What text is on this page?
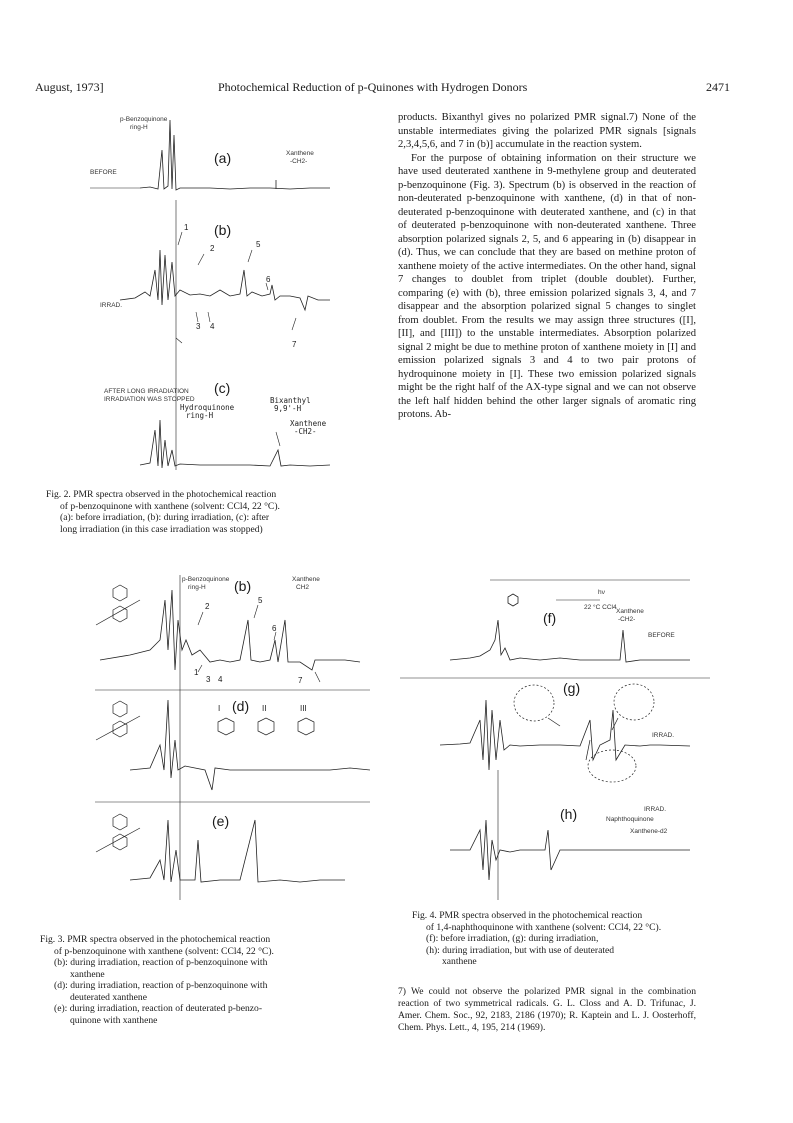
August, 1973]	Photochemical Reduction of p-Quinones with Hydrogen Donors	2471

products. Bixanthyl gives no polarized PMR signal.7) None of the unstable intermediates giving the polarized PMR signals [signals 2,3,4,5,6, and 7 in (b)] accumulate in the reaction system.

For the purpose of obtaining information on their structure we have used deuterated xanthene in 9-methylene group and deuterated p-benzoquinone (Fig. 3). Spectrum (b) is observed in the reaction of non-deuterated p-benzoquinone with xanthene, (d) in that of non-deuterated p-benzoquinone with deuterated xanthene, and (c) in that of deuterated p-benzoquinone with non-deuterated xanthene. Three absorption polarized signals 2, 5, and 6 appearing in (b) disappear in (d). Thus, we can conclude that they are based on methine proton of xanthene moiety of the active intermediates. On the other hand, signal 7 changes to doublet from triplet (double doublet). Further, comparing (e) with (b), three emission polarized signals 3, 4, and 7 disappear and the absorption polarized signal 5 changes to singlet from doublet. From the results we may assign three structures ([I], [II], and [III]) to the unstable intermediates. Absorption polarized signal 2 might be due to methine proton of xanthene moiety in [I] and emission polarized signals 3 and 4 to two pair protons of hydroquinone moiety in [I]. These two emission polarized signals might be the right half of the AX-type signal and we can not observe the left half hidden behind the other larger signals of aromatic ring protons. Ab-

p-Benzoquinone
ring-H
BEFORE
Xanthene
-CH2-
(a)
(b)
IRRAD.
1
2
3 4
5
6
7
AFTER LONG IRRADIATION
IRRADIATION WAS STOPPED
(c)
Hydroquinone
ring-H
Bixanthyl
9,9'-H
Xanthene
-CH2-
Fig. 2. PMR spectra observed in the photochemical reaction
of p-benzoquinone with xanthene (solvent: CCl4, 22 °C).
(a): before irradiation, (b): during irradiation, (c): after
long irradiation (in this case irradiation was stopped)
p-Benzoquinone
ring-H (b)	Xanthene
CH2
1
2
3 4
5
6
7
(d)
I	II	III
(e)
Fig. 3. PMR spectra observed in the photochemical reaction
of p-benzoquinone with xanthene (solvent: CCl4, 22 °C).
(b): during irradiation, reaction of p-benzoquinone with
xanthene
(d): during irradiation, reaction of p-benzoquinone with
deuterated xanthene
(e): during irradiation, reaction of deuterated p-benzo-
quinone with xanthene
hν
22 °C CCl4
(f)	Xanthene
-CH2-
BEFORE
(g)
IRRAD.
(h)	IRRAD.
Naphthoquinone
Xanthene-d2
Fig. 4. PMR spectra observed in the photochemical reaction
of 1,4-naphthoquinone with xanthene (solvent: CCl4, 22 °C).
(f): before irradiation, (g): during irradiation,
(h): during irradiation, but with use of deuterated
xanthene
7) We could not observe the polarized PMR signal in the combination reaction of two symmetrical radicals. G. L. Closs and A. D. Trifunac, J. Amer. Chem. Soc., 92, 2183, 2186 (1970); R. Kaptein and L. J. Oosterhoff, Chem. Phys. Lett., 4, 195, 214 (1969).
